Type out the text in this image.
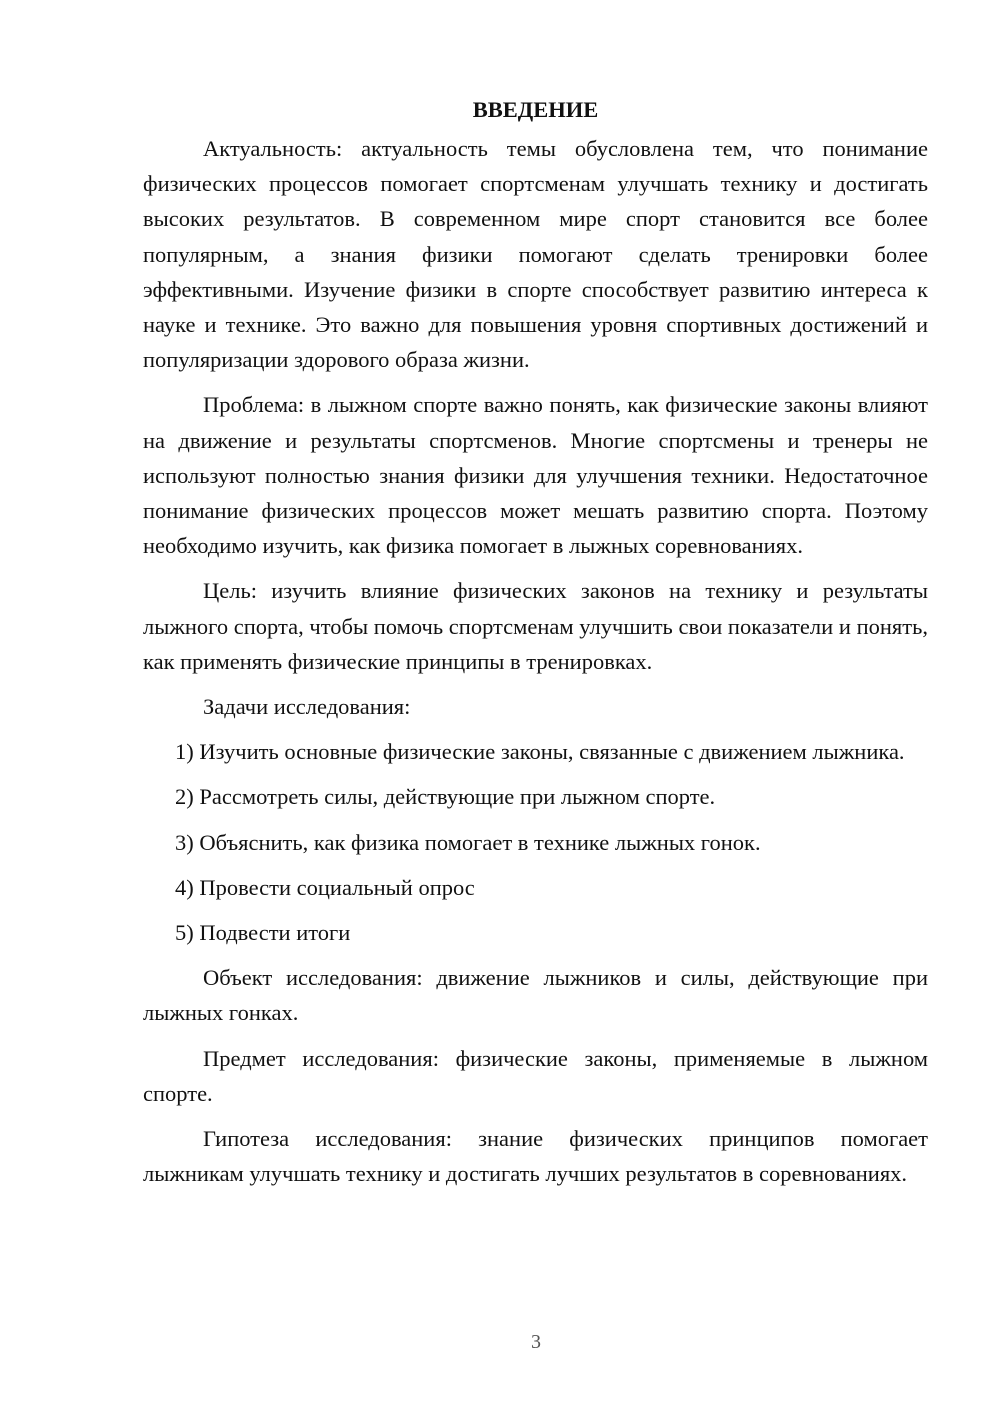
ВВЕДЕНИЕ

Актуальность: актуальность темы обусловлена тем, что понимание физических процессов помогает спортсменам улучшать технику и достигать высоких результатов. В современном мире спорт становится все более популярным, а знания физики помогают сделать тренировки более эффективными. Изучение физики в спорте способствует развитию интереса к науке и технике. Это важно для повышения уровня спортивных достижений и популяризации здорового образа жизни.

Проблема: в лыжном спорте важно понять, как физические законы влияют на движение и результаты спортсменов. Многие спортсмены и тренеры не используют полностью знания физики для улучшения техники. Недостаточное понимание физических процессов может мешать развитию спорта. Поэтому необходимо изучить, как физика помогает в лыжных соревнованиях.

Цель: изучить влияние физических законов на технику и результаты лыжного спорта, чтобы помочь спортсменам улучшить свои показатели и понять, как применять физические принципы в тренировках.

Задачи исследования:

1) Изучить основные физические законы, связанные с движением лыжника.

2) Рассмотреть силы, действующие при лыжном спорте.

3) Объяснить, как физика помогает в технике лыжных гонок.

4) Провести социальный опрос

5) Подвести итоги

Объект исследования: движение лыжников и силы, действующие при лыжных гонках.

Предмет исследования: физические законы, применяемые в лыжном спорте.

Гипотеза исследования: знание физических принципов помогает лыжникам улучшать технику и достигать лучших результатов в соревнованиях.

3
